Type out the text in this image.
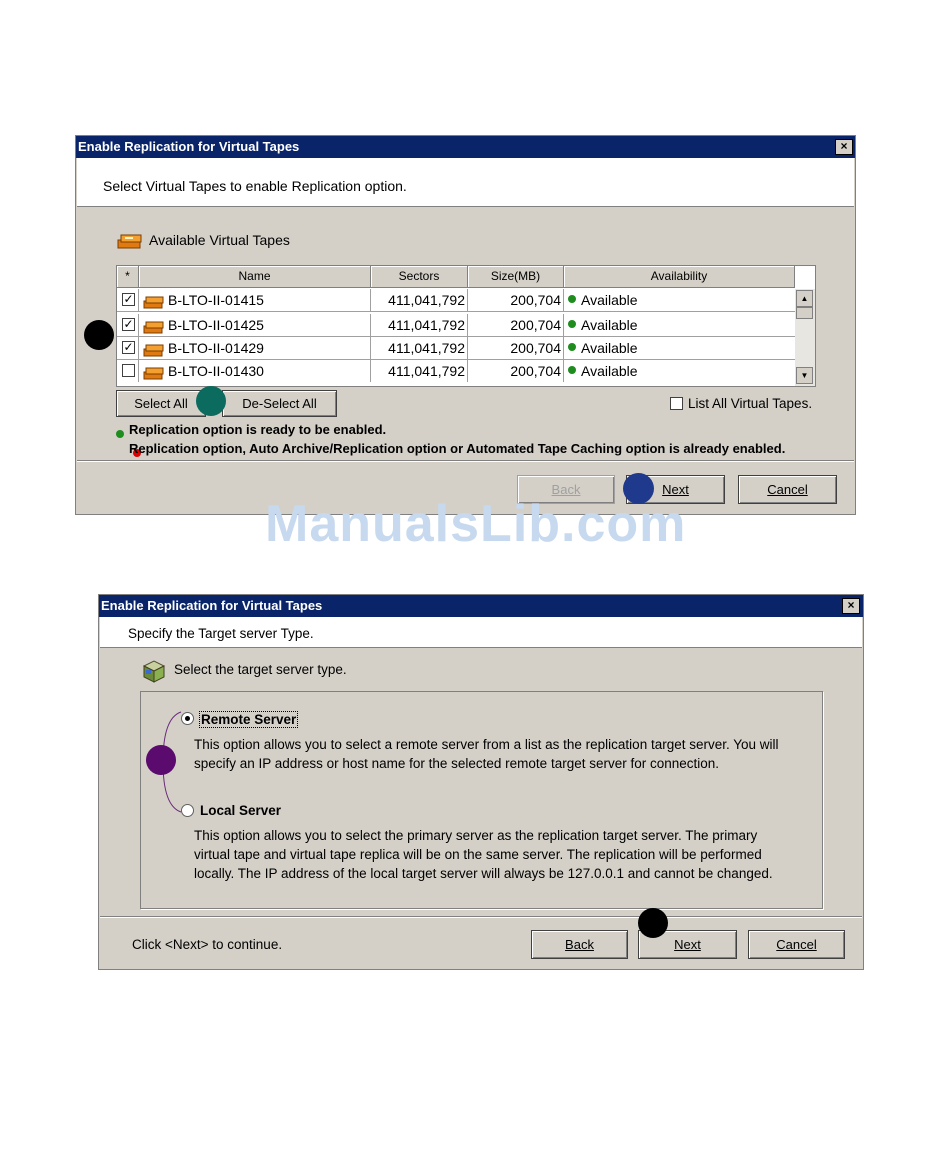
Enable Replication for Virtual Tapes	×
Select Virtual Tapes to enable Replication option.
Available Virtual Tapes
*	Name	Sectors	Size(MB)	Availability
✓ B-LTO-II-01415	411,041,792	200,704	Available
✓ B-LTO-II-01425	411,041,792	200,704	Available
✓ B-LTO-II-01429	411,041,792	200,704	Available
B-LTO-II-01430	411,041,792	200,704	Available
▲
▼
Select All	De-Select All	List All Virtual Tapes.

Replication option is ready to be enabled.
Replication option, Auto Archive/Replication option or Automated Tape Caching option is already enabled.
Back	Next	Cancel
ManualsLib.com
Enable Replication for Virtual Tapes	×
Specify the Target server Type.
Select the target server type.
Remote Server
This option allows you to select a remote server from a list as the replication target server. You will specify an IP address or host name for the selected remote target server for connection.
Local Server
This option allows you to select the primary server as the replication target server. The primary virtual tape and virtual tape replica will be on the same server. The replication will be performed locally. The IP address of the local target server will always be 127.0.0.1 and cannot be changed.
Click <Next> to continue.	Back	Next	Cancel
